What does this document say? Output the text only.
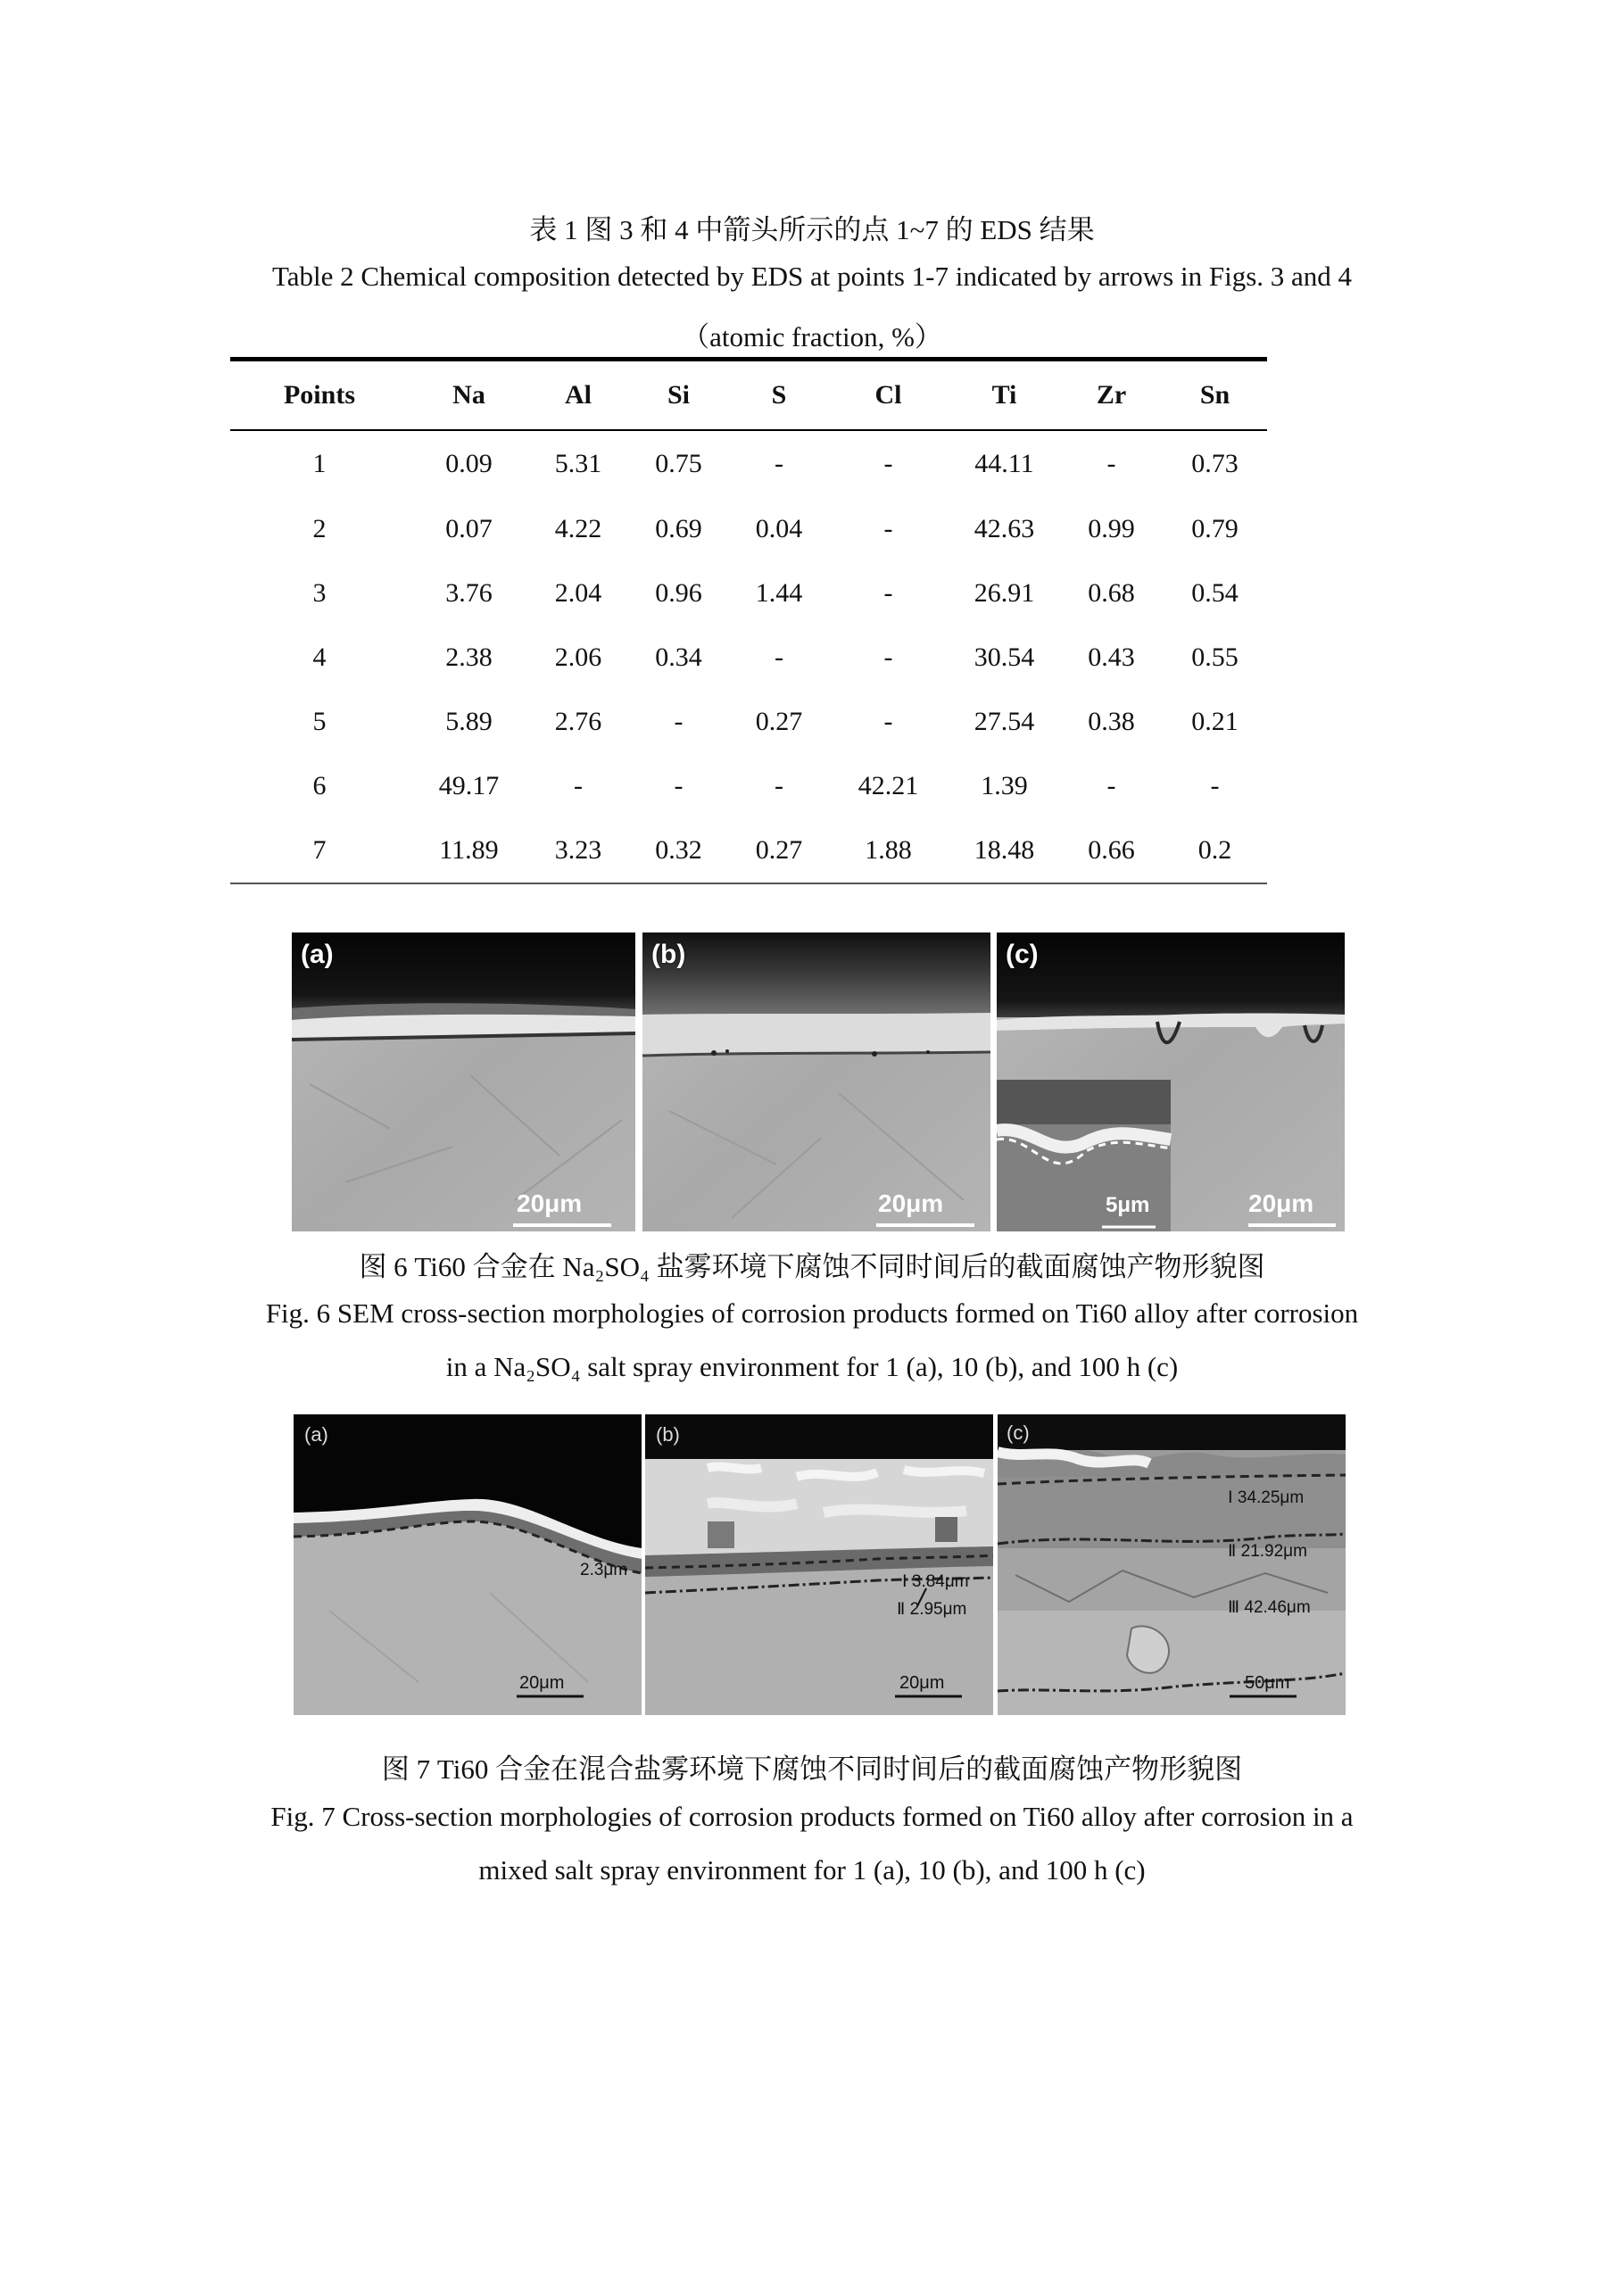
表 1 图 3 和 4 中箭头所示的点 1~7 的 EDS 结果
Table 2 Chemical composition detected by EDS at points 1-7 indicated by arrows in Figs. 3 and 4
（atomic fraction, %）
Points	Na	Al	Si	S	Cl	Ti	Zr	Sn
1	0.09	5.31	0.75	-	-	44.11	-	0.73
2	0.07	4.22	0.69	0.04	-	42.63	0.99	0.79
3	3.76	2.04	0.96	1.44	-	26.91	0.68	0.54
4	2.38	2.06	0.34	-	-	30.54	0.43	0.55
5	5.89	2.76	-	0.27	-	27.54	0.38	0.21
6	49.17	-	-	-	42.21	1.39	-	-
7	11.89	3.23	0.32	0.27	1.88	18.48	0.66	0.2
(a)
20μm
(b)
20μm
(c)
20μm
5μm
图 6 Ti60 合金在 Na₂SO₄ 盐雾环境下腐蚀不同时间后的截面腐蚀产物形貌图
Fig. 6 SEM cross-section morphologies of corrosion products formed on Ti60 alloy after corrosion
in a Na₂SO₄ salt spray environment for 1 (a), 10 (b), and 100 h (c)
(a)
2.3μm
20μm
(b)
Ⅰ 3.84μm
Ⅱ 2.95μm
20μm
(c)
Ⅰ 34.25μm
Ⅱ 21.92μm
Ⅲ 42.46μm
50μm
图 7 Ti60 合金在混合盐雾环境下腐蚀不同时间后的截面腐蚀产物形貌图
Fig. 7 Cross-section morphologies of corrosion products formed on Ti60 alloy after corrosion in a
mixed salt spray environment for 1 (a), 10 (b), and 100 h (c)
